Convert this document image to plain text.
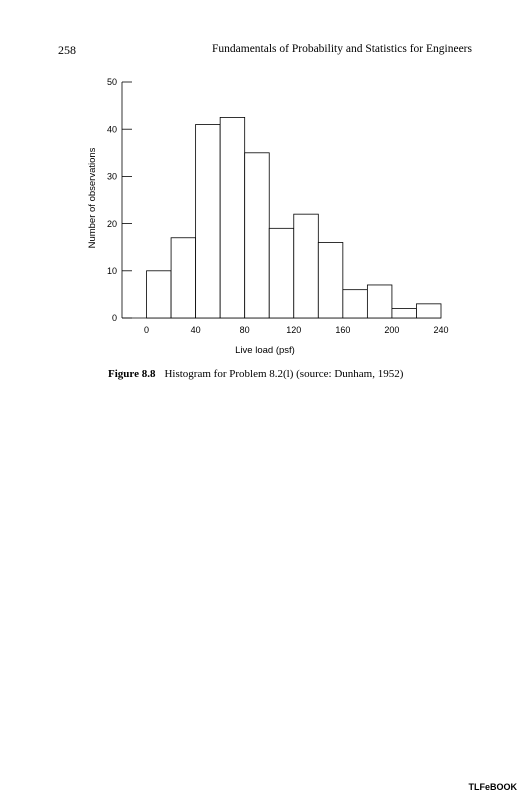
258	Fundamentals of Probability and Statistics for Engineers
0
10
20
30
40
50
0	40	80	120	160	200	240
Live load (psf)
Number of observations
Figure 8.8 Histogram for Problem 8.2(l) (source: Dunham, 1952)
TLFeBOOK
